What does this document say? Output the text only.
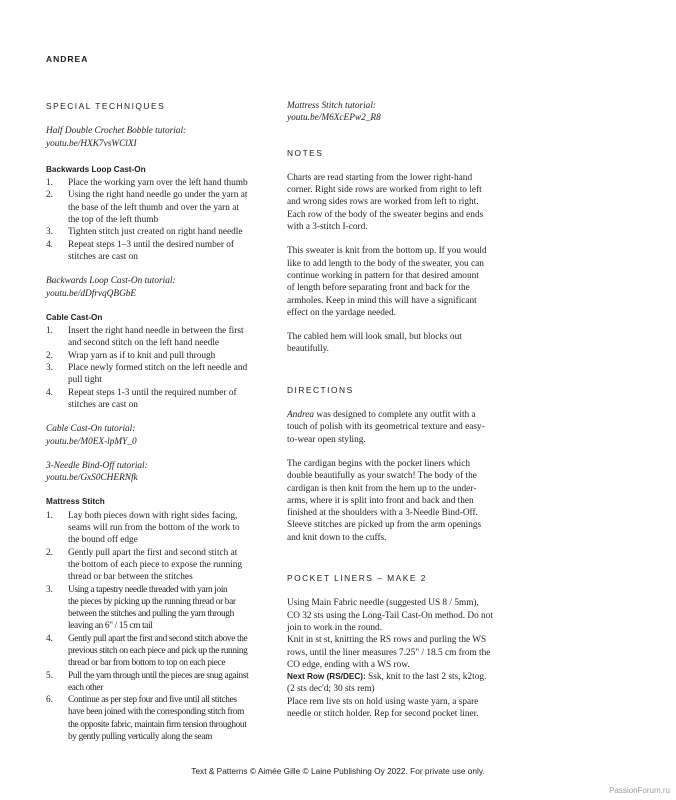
ANDREA
SPECIAL TECHNIQUES

Half Double Crochet Bobble tutorial:

youtu.be/HXK7vsWClXI

Backwards Loop Cast-On
1.	Place the working yarn over the left hand thumb
2.	Using the right hand needle go under the yarn at
the base of the left thumb and over the yarn at
the top of the left thumb
3.	Tighten stitch just created on right hand needle
4.	Repeat steps 1–3 until the desired number of
stitches are cast on

Backwards Loop Cast-On tutorial:

youtu.be/dDfrvqQBGbE

Cable Cast-On
1.	Insert the right hand needle in between the first
and second stitch on the left hand needle
2.	Wrap yarn as if to knit and pull through
3.	Place newly formed stitch on the left needle and
pull tight
4.	Repeat steps 1-3 until the required number of
stitches are cast on

Cable Cast-On tutorial:

youtu.be/M0EX-lpMY_0

3-Needle Bind-Off tutorial:

youtu.be/GxS0CHERNfk

Mattress Stitch
1.	Lay both pieces down with right sides facing,
seams will run from the bottom of the work to
the bound off edge
2.	Gently pull apart the first and second stitch at
the bottom of each piece to expose the running
thread or bar between the stitches
3.	Using a tapestry needle threaded with yarn join
the pieces by picking up the running thread or bar
between the stitches and pulling the yarn through
leaving an 6" / 15 cm tail
4.	Gently pull apart the first and second stitch above the
previous stitch on each piece and pick up the running
thread or bar from bottom to top on each piece
5.	Pull the yarn through until the pieces are snug against
each other
6.	Continue as per step four and five until all stitches
have been joined with the corresponding stitch from
the opposite fabric, maintain firm tension throughout
by gently pulling vertically along the seam

Mattress Stitch tutorial:

youtu.be/M6XcEPw2_R8

NOTES

Charts are read starting from the lower right-hand
corner. Right side rows are worked from right to left
and wrong sides rows are worked from left to right.
Each row of the body of the sweater begins and ends
with a 3-stitch I-cord.

This sweater is knit from the bottom up. If you would
like to add length to the body of the sweater, you can
continue working in pattern for that desired amount
of length before separating front and back for the
armholes. Keep in mind this will have a significant
effect on the yardage needed.

The cabled hem will look small, but blocks out
beautifully.

DIRECTIONS

Andrea was designed to complete any outfit with a
touch of polish with its geometrical texture and easy-
to-wear open styling.

The cardigan begins with the pocket liners which
double beautifully as your swatch! The body of the
cardigan is then knit from the hem up to the under-
arms, where it is split into front and back and then
finished at the shoulders with a 3-Needle Bind-Off.
Sleeve stitches are picked up from the arm openings
and knit down to the cuffs.

POCKET LINERS – MAKE 2

Using Main Fabric needle (suggested US 8 / 5mm),
CO 32 sts using the Long-Tail Cast-On method. Do not
join to work in the round.

Knit in st st, knitting the RS rows and purling the WS
rows, until the liner measures 7.25" / 18.5 cm from the
CO edge, ending with a WS row.

Next Row (RS/DEC): Ssk, knit to the last 2 sts, k2tog.
(2 sts dec'd; 30 sts rem)

Place rem live sts on hold using waste yarn, a spare
needle or stitch holder. Rep for second pocket liner.

Text & Patterns © Aimée Gille © Laine Publishing Oy 2022. For private use only.
PassionForum.ru
